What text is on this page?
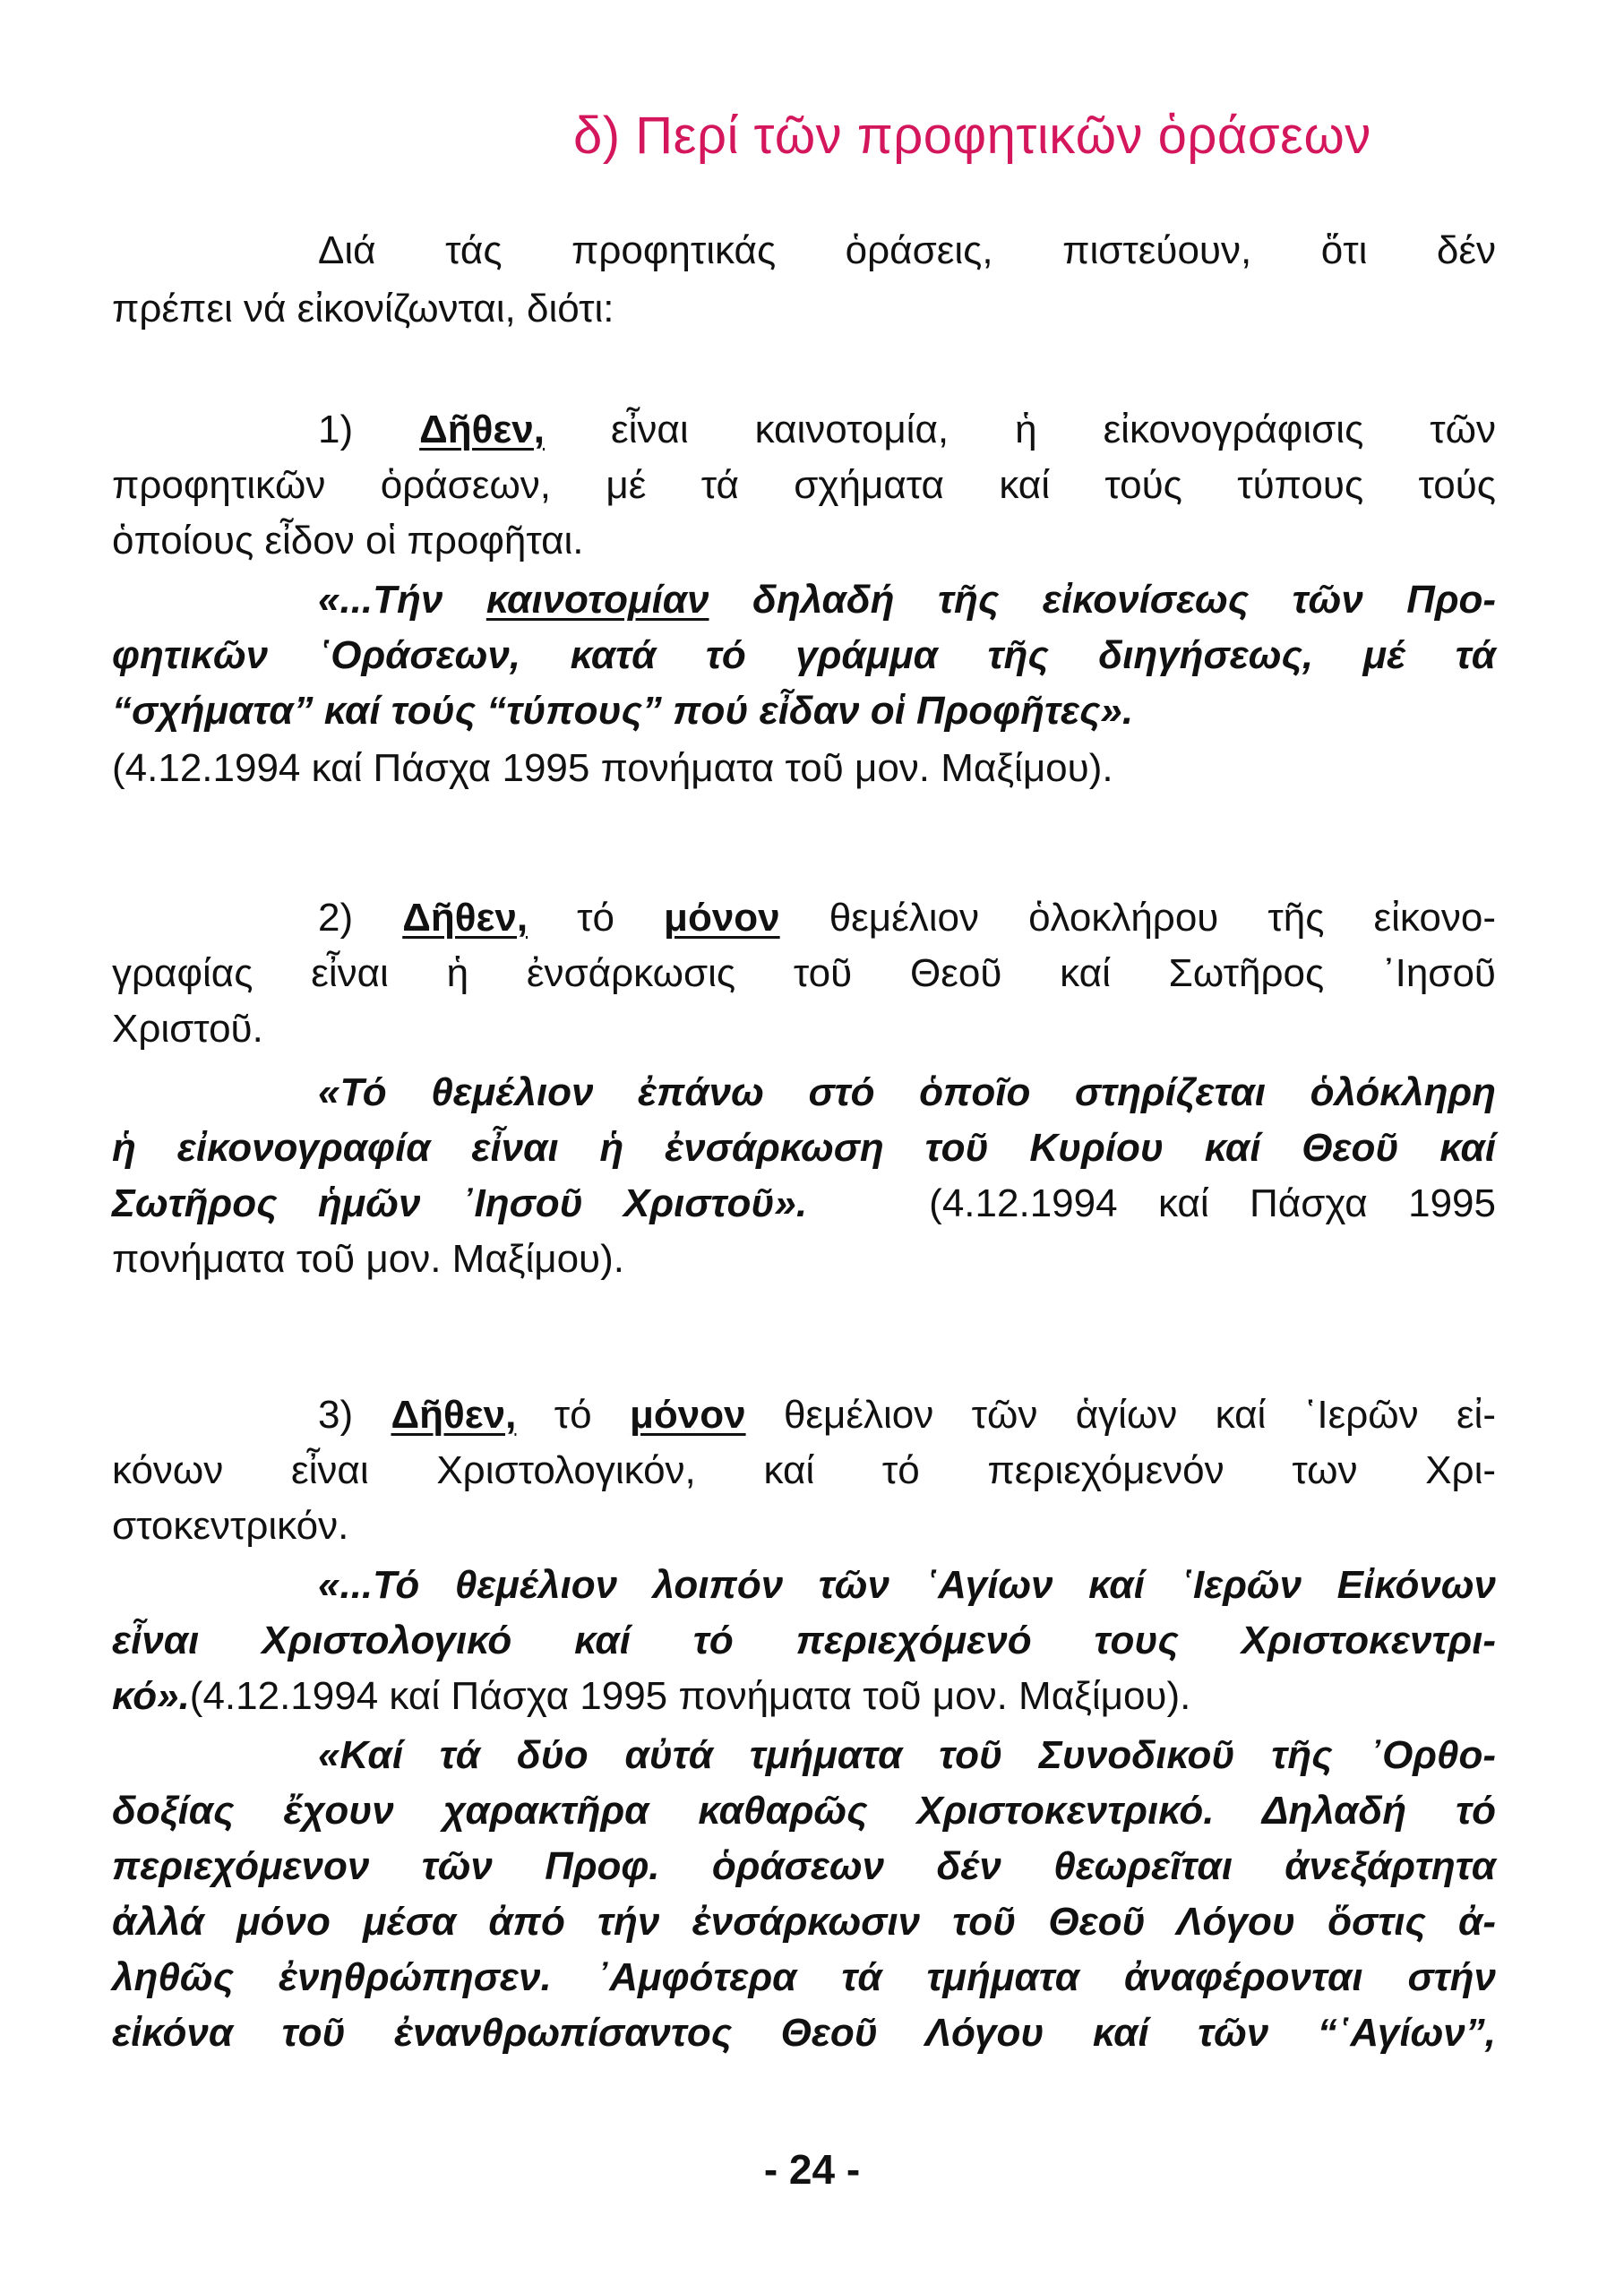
δ) Περί τῶν προφητικῶν ὁράσεων
Διά τάς προφητικάς ὁράσεις, πιστεύουν, ὅτι δέν
πρέπει νά εἰκονίζωνται, διότι:
1) Δῆθεν, εἶναι καινοτομία, ἡ εἰκονογράφισις τῶν
προφητικῶν ὁράσεων, μέ τά σχήματα καί τούς τύπους τούς
ὁποίους εἶδον οἱ προφῆται.
«...Τήν καινοτομίαν δηλαδή τῆς εἰκονίσεως τῶν Προ-
φητικῶν ῾Οράσεων, κατά τό γράμμα τῆς διηγήσεως, μέ τά
“σχήματα” καί τούς “τύπους” πού εἶδαν οἱ Προφῆτες».
(4.12.1994 καί Πάσχα 1995 πονήματα τοῦ μον. Μαξίμου).
2) Δῆθεν, τό μόνον θεμέλιον ὁλοκλήρου τῆς εἰκονο-
γραφίας εἶναι ἡ ἐνσάρκωσις τοῦ Θεοῦ καί Σωτῆρος ᾽Ιησοῦ
Χριστοῦ.
«Τό θεμέλιον ἐπάνω στό ὁποῖο στηρίζεται ὁλόκληρη
ἡ εἰκονογραφία εἶναι ἡ ἐνσάρκωση τοῦ Κυρίου καί Θεοῦ καί
Σωτῆρος ἡμῶν ᾽Ιησοῦ Χριστοῦ».   (4.12.1994 καί Πάσχα 1995
πονήματα τοῦ μον. Μαξίμου).
3) Δῆθεν, τό μόνον θεμέλιον τῶν ἁγίων καί ῾Ιερῶν εἰ-
κόνων εἶναι Χριστολογικόν, καί τό περιεχόμενόν των Χρι-
στοκεντρικόν.
«...Τό θεμέλιον λοιπόν τῶν ῾Αγίων καί ῾Ιερῶν Εἰκόνων
εἶναι Χριστολογικό καί τό περιεχόμενό τους Χριστοκεντρι-
κό».(4.12.1994 καί Πάσχα 1995 πονήματα τοῦ μον. Μαξίμου).
«Καί τά δύο αὐτά τμήματα τοῦ Συνοδικοῦ τῆς ᾽Ορθο-
δοξίας ἔχουν χαρακτῆρα καθαρῶς Χριστοκεντρικό. Δηλαδή τό
περιεχόμενον τῶν Προφ. ὁράσεων δέν θεωρεῖται ἀνεξάρτητα
ἀλλά μόνο μέσα ἀπό τήν ἐνσάρκωσιν τοῦ Θεοῦ Λόγου ὅστις ἀ-
ληθῶς ἐνηθρώπησεν. ᾽Αμφότερα τά τμήματα ἀναφέρονται στήν
εἰκόνα τοῦ ἐνανθρωπίσαντος Θεοῦ Λόγου καί τῶν “῾Αγίων”,
- 24 -
